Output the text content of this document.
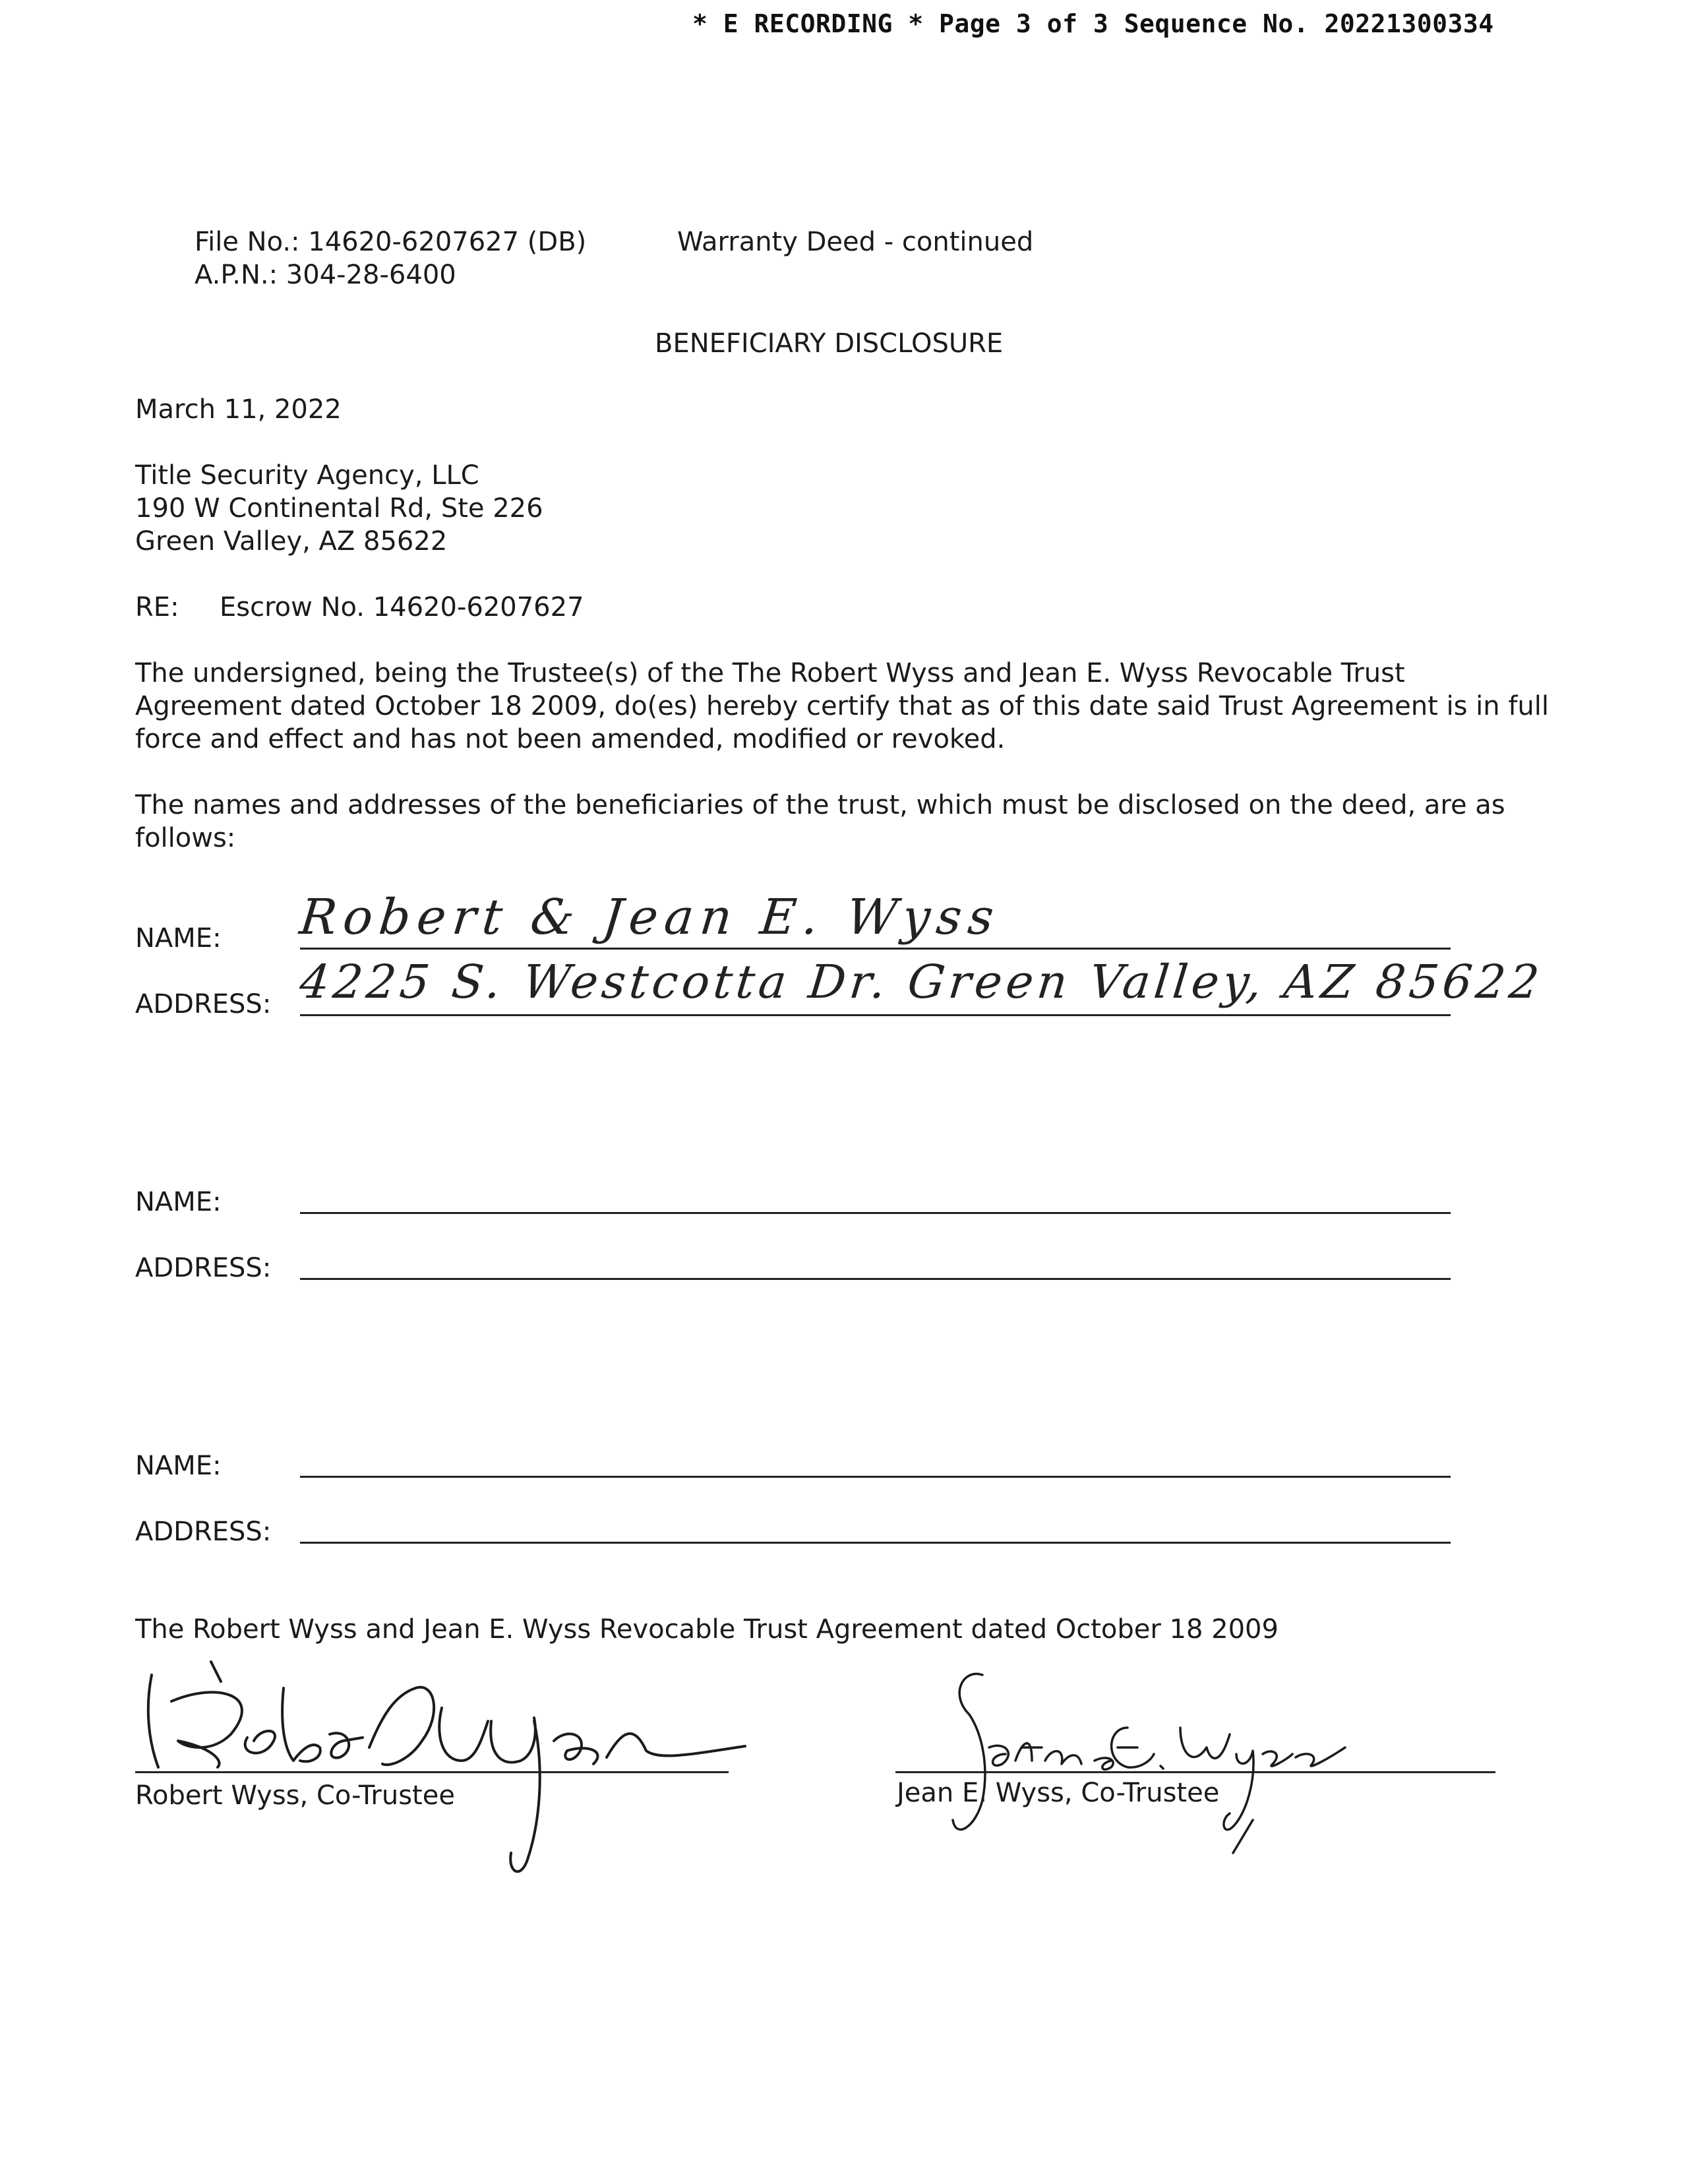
* E RECORDING * Page 3 of 3 Sequence No. 20221300334
File No.: 14620-6207627 (DB)
A.P.N.: 304-28-6400
Warranty Deed - continued
BENEFICIARY DISCLOSURE
March 11, 2022
Title Security Agency, LLC
190 W Continental Rd, Ste 226
Green Valley, AZ 85622
RE: Escrow No. 14620-6207627
The undersigned, being the Trustee(s) of the The Robert Wyss and Jean E. Wyss Revocable Trust Agreement dated October 18 2009, do(es) hereby certify that as of this date said Trust Agreement is in full force and effect and has not been amended, modified or revoked.
The names and addresses of the beneficiaries of the trust, which must be disclosed on the deed, are as follows:
NAME: Robert & Jean E. Wyss
ADDRESS: 4225 S. Westcotta Dr. Green Valley, AZ 85622
NAME:
ADDRESS:
NAME:
ADDRESS:
The Robert Wyss and Jean E. Wyss Revocable Trust Agreement dated October 18 2009
Robert Wyss, Co-Trustee	Jean E. Wyss, Co-Trustee
